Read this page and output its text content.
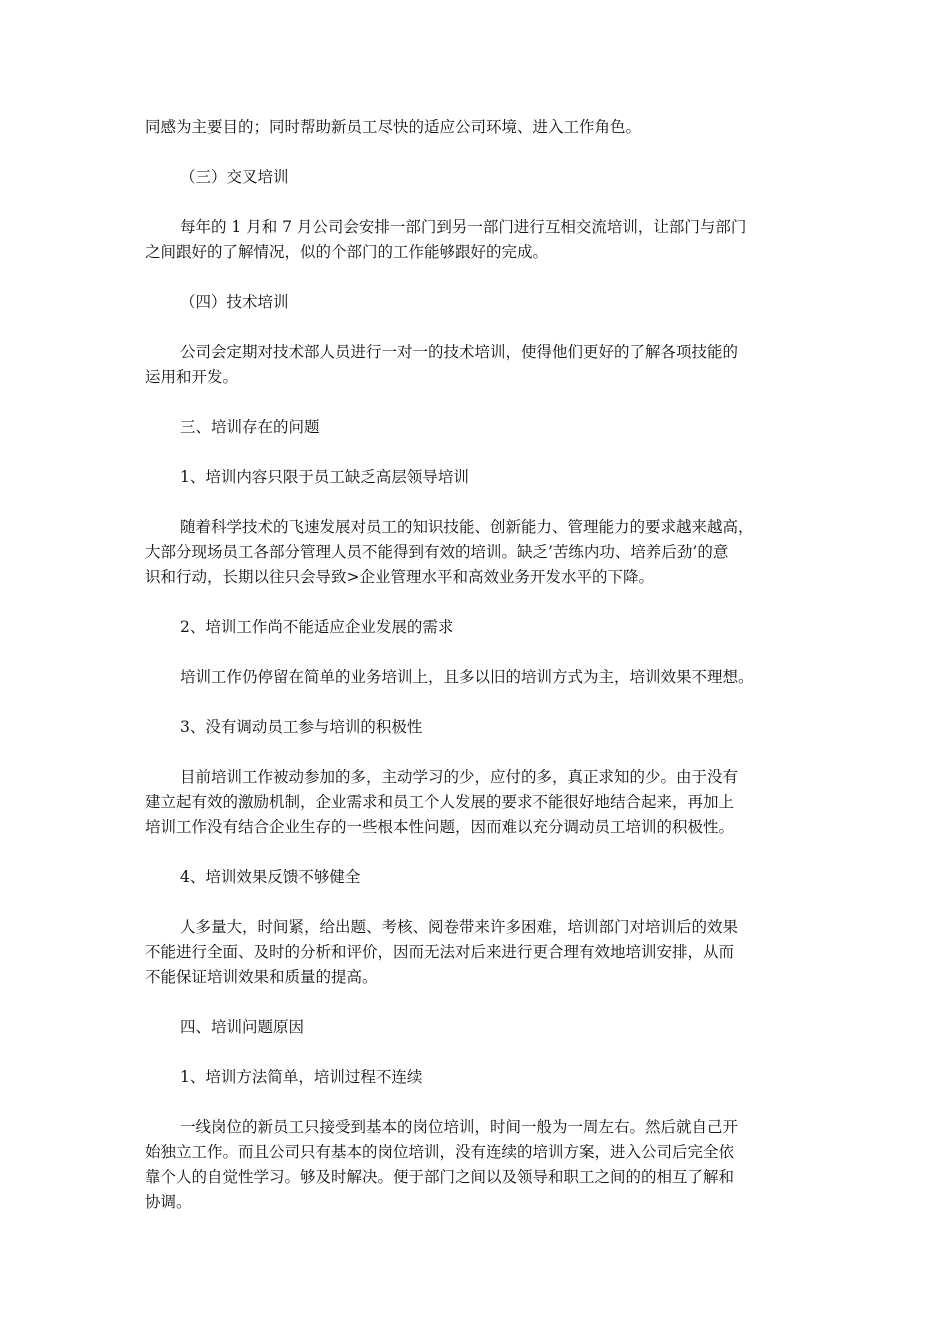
同感为主要目的；同时帮助新员工尽快的适应公司环境、进入工作角色。

（三）交叉培训

每年的 1 月和 7 月公司会安排一部门到另一部门进行互相交流培训，让部门与部门
之间跟好的了解情况，似的个部门的工作能够跟好的完成。

（四）技术培训

公司会定期对技术部人员进行一对一的技术培训，使得他们更好的了解各项技能的
运用和开发。

三、培训存在的问题

1、培训内容只限于员工缺乏高层领导培训

随着科学技术的飞速发展对员工的知识技能、创新能力、管理能力的要求越来越高，
大部分现场员工各部分管理人员不能得到有效的培训。缺乏’苦练内功、培养后劲’的意
识和行动，长期以往只会导致>企业管理水平和高效业务开发水平的下降。

2、培训工作尚不能适应企业发展的需求

培训工作仍停留在简单的业务培训上，且多以旧的培训方式为主，培训效果不理想。

3、没有调动员工参与培训的积极性

目前培训工作被动参加的多，主动学习的少，应付的多，真正求知的少。由于没有
建立起有效的激励机制，企业需求和员工个人发展的要求不能很好地结合起来，再加上
培训工作没有结合企业生存的一些根本性问题，因而难以充分调动员工培训的积极性。

4、培训效果反馈不够健全

人多量大，时间紧，给出题、考核、阅卷带来许多困难，培训部门对培训后的效果
不能进行全面、及时的分析和评价，因而无法对后来进行更合理有效地培训安排，从而
不能保证培训效果和质量的提高。

四、培训问题原因

1、培训方法简单，培训过程不连续

一线岗位的新员工只接受到基本的岗位培训，时间一般为一周左右。然后就自己开
始独立工作。而且公司只有基本的岗位培训，没有连续的培训方案，进入公司后完全依
靠个人的自觉性学习。够及时解决。便于部门之间以及领导和职工之间的的相互了解和
协调。
